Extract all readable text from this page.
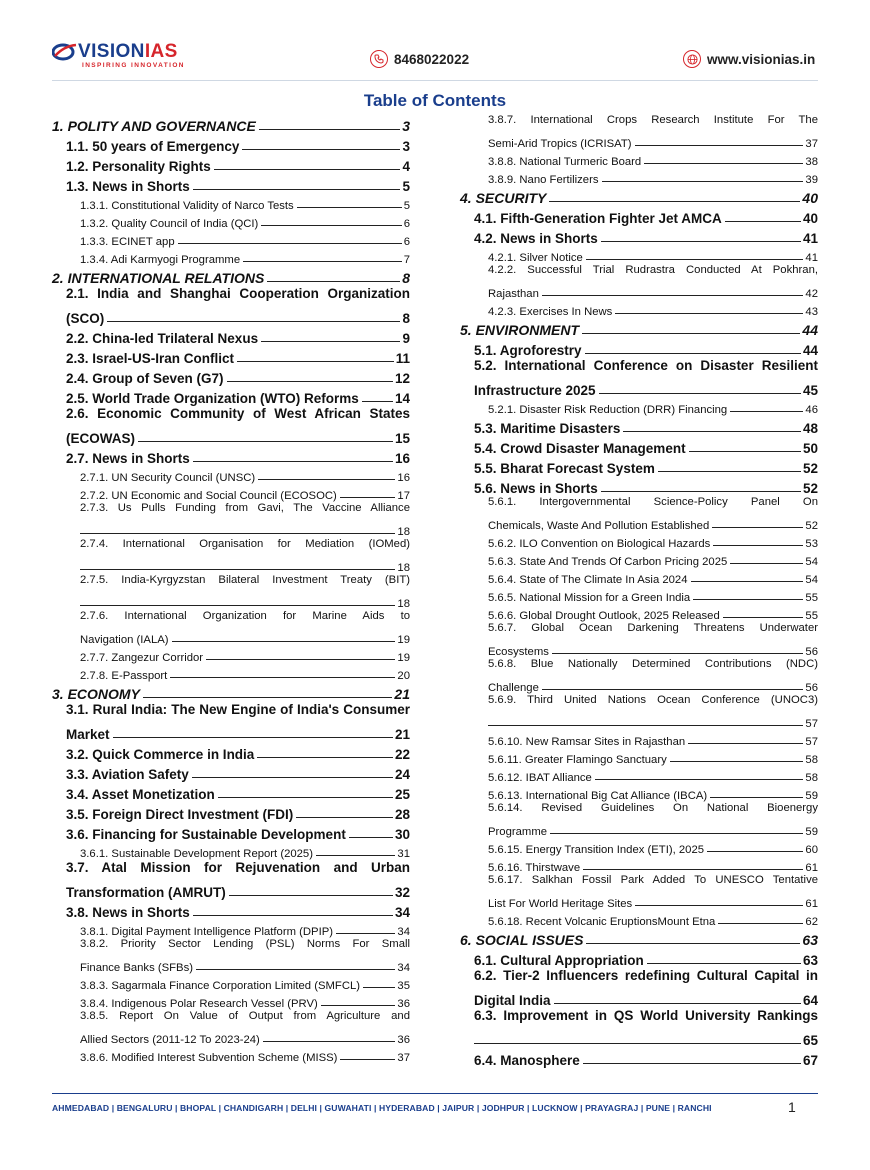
VISIONIAS
INSPIRING INNOVATION	8468022022	www.visionias.in
Table of Contents
1. POLITY AND GOVERNANCE	3
1.1. 50 years of Emergency	3
1.2. Personality Rights	4
1.3. News in Shorts	5
1.3.1. Constitutional Validity of Narco Tests	5
1.3.2. Quality Council of India (QCI)	6
1.3.3. ECINET app	6
1.3.4. Adi Karmyogi Programme	7
2. INTERNATIONAL RELATIONS	8
2.1. India and Shanghai Cooperation Organization
(SCO)	8
2.2. China-led Trilateral Nexus	9
2.3. Israel-US-Iran Conflict	11
2.4. Group of Seven (G7)	12
2.5. World Trade Organization (WTO) Reforms	14
2.6. Economic Community of West African States
(ECOWAS)	15
2.7. News in Shorts	16
2.7.1. UN Security Council (UNSC)	16
2.7.2. UN Economic and Social Council (ECOSOC)	17
2.7.3. Us Pulls Funding from Gavi, The Vaccine Alliance
18
2.7.4. International Organisation for Mediation (IOMed)
18
2.7.5. India-Kyrgyzstan Bilateral Investment Treaty (BIT)
18
2.7.6. International Organization for Marine Aids to
Navigation (IALA)	19
2.7.7. Zangezur Corridor	19
2.7.8. E-Passport	20
3. ECONOMY	21
3.1. Rural India: The New Engine of India's Consumer
Market	21
3.2. Quick Commerce in India	22
3.3. Aviation Safety	24
3.4. Asset Monetization	25
3.5. Foreign Direct Investment (FDI)	28
3.6. Financing for Sustainable Development	30
3.6.1. Sustainable Development Report (2025)	31
3.7. Atal Mission for Rejuvenation and Urban
Transformation (AMRUT)	32
3.8. News in Shorts	34
3.8.1. Digital Payment Intelligence Platform (DPIP)	34
3.8.2. Priority Sector Lending (PSL) Norms For Small
Finance Banks (SFBs)	34
3.8.3. Sagarmala Finance Corporation Limited (SMFCL)	35
3.8.4. Indigenous Polar Research Vessel (PRV)	36
3.8.5. Report On Value of Output from Agriculture and
Allied Sectors (2011-12 To 2023-24)	36
3.8.6. Modified Interest Subvention Scheme (MISS)	37
3.8.7. International Crops Research Institute For The
Semi-Arid Tropics (ICRISAT)	37
3.8.8. National Turmeric Board	38
3.8.9. Nano Fertilizers	39
4. SECURITY	40
4.1. Fifth-Generation Fighter Jet AMCA	40
4.2. News in Shorts	41
4.2.1. Silver Notice	41
4.2.2. Successful Trial Rudrastra Conducted At Pokhran,
Rajasthan	42
4.2.3. Exercises In News	43
5. ENVIRONMENT	44
5.1. Agroforestry	44
5.2. International Conference on Disaster Resilient
Infrastructure 2025	45
5.2.1. Disaster Risk Reduction (DRR) Financing	46
5.3. Maritime Disasters	48
5.4. Crowd Disaster Management	50
5.5. Bharat Forecast System	52
5.6. News in Shorts	52
5.6.1. Intergovernmental Science-Policy Panel On
Chemicals, Waste And Pollution Established	52
5.6.2. ILO Convention on Biological Hazards	53
5.6.3. State And Trends Of Carbon Pricing 2025	54
5.6.4. State of The Climate In Asia 2024	54
5.6.5. National Mission for a Green India	55
5.6.6. Global Drought Outlook, 2025 Released	55
5.6.7. Global Ocean Darkening Threatens Underwater
Ecosystems	56
5.6.8. Blue Nationally Determined Contributions (NDC)
Challenge	56
5.6.9. Third United Nations Ocean Conference (UNOC3)
57
5.6.10. New Ramsar Sites in Rajasthan	57
5.6.11. Greater Flamingo Sanctuary	58
5.6.12. IBAT Alliance	58
5.6.13. International Big Cat Alliance (IBCA)	59
5.6.14. Revised Guidelines On National Bioenergy
Programme	59
5.6.15. Energy Transition Index (ETI), 2025	60
5.6.16. Thirstwave	61
5.6.17. Salkhan Fossil Park Added To UNESCO Tentative
List For World Heritage Sites	61
5.6.18. Recent Volcanic EruptionsMount Etna	62
6. SOCIAL ISSUES	63
6.1. Cultural Appropriation	63
6.2. Tier-2 Influencers redefining Cultural Capital in
Digital India	64
6.3. Improvement in QS World University Rankings
65
6.4. Manosphere	67
AHMEDABAD | BENGALURU | BHOPAL | CHANDIGARH | DELHI | GUWAHATI | HYDERABAD | JAIPUR | JODHPUR | LUCKNOW | PRAYAGRAJ | PUNE | RANCHI	1
